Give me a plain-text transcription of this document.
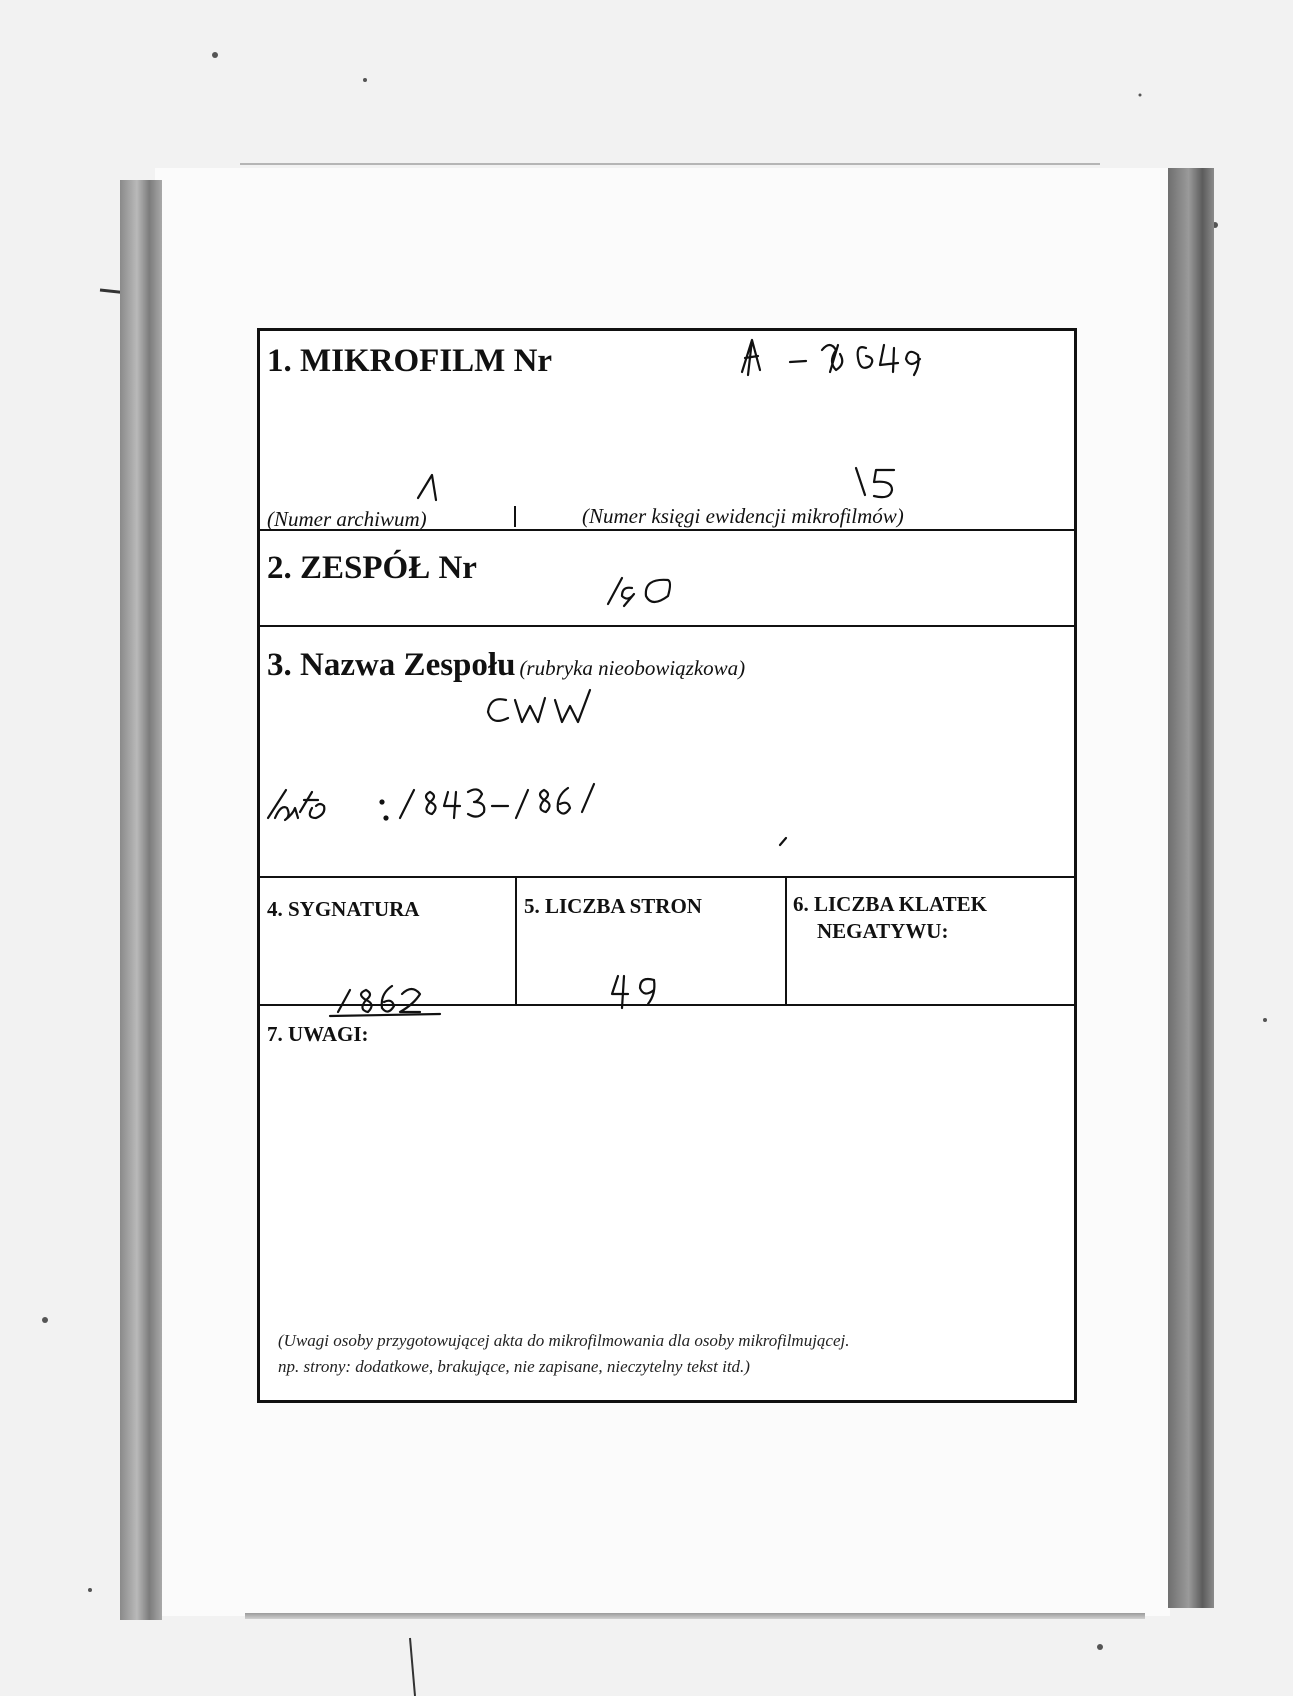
1. MIKROFILM Nr
(Numer archiwum)	(Numer księgi ewidencji mikrofilmów)
2. ZESPÓŁ Nr
3. Nazwa Zespołu (rubryka nieobowiązkowa)
4. SYGNATURA	5. LICZBA STRON	6. LICZBA KLATEK
NEGATYWU:
7. UWAGI:
(Uwagi osoby przygotowującej akta do mikrofilmowania dla osoby mikrofilmującej.
np. strony: dodatkowe, brakujące, nie zapisane, nieczytelny tekst itd.)
